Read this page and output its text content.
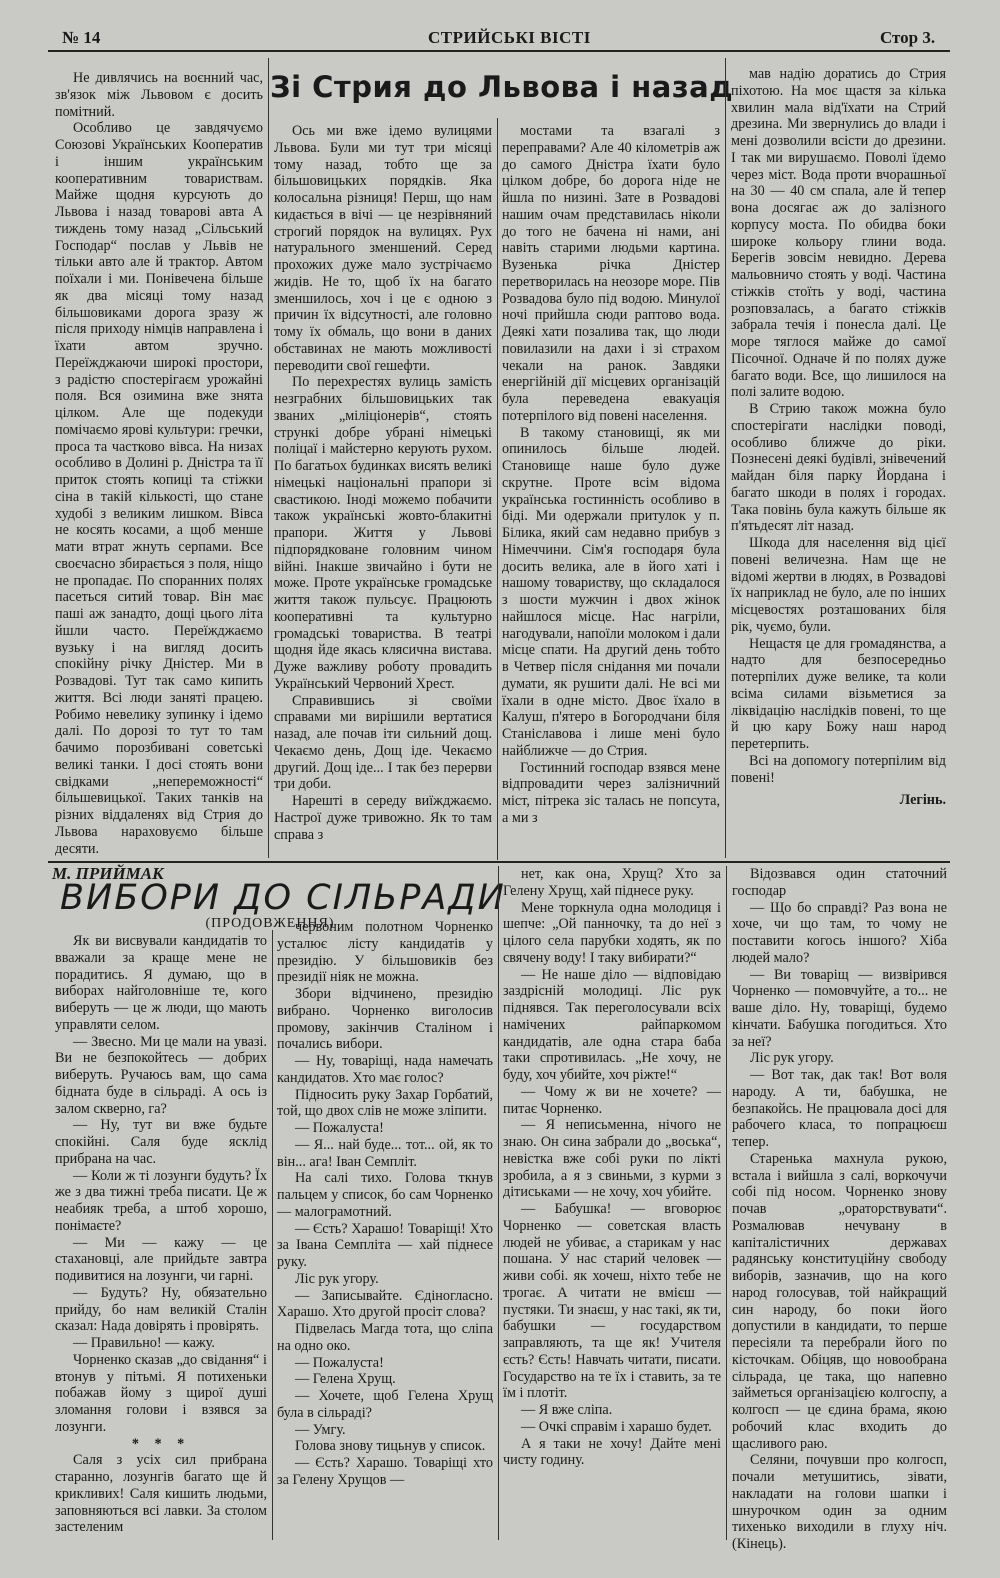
№ 14	СТРИЙСЬКІ ВІСТІ	Стор 3.
Зі Стрия до Львова і назад

Не дивлячись на воєнний час, зв'язок між Львовом є досить помітний.

Особливо це завдячуємо Союзові Українських Кооператив і іншим українським кооперативним товариствам. Майже щодня курсують до Львова і назад товарові авта А тиждень тому назад „Сільський Господар“ послав у Львів не тільки авто але й трактор. Автом поїхали і ми. Понівечена більше як два місяці тому назад більшовиками дорога зразу ж після приходу німців направлена і їхати автом зручно. Переїжджаючи широкі простори, з радістю спостерігаєм урожайні поля. Вся озимина вже знята цілком. Але ще подекуди помічаємо ярові культури: гречки, проса та частково вівса. На низах особливо в Долині р. Дністра та її приток стоять копиці та стіжки сіна в такій кількості, що стане худобі з великим лишком. Вівса не косять косами, а щоб менше мати втрат жнуть серпами. Все своєчасно збирається з поля, ніщо не пропадає. По споранних полях пасеться ситий товар. Він має паші аж занадто, дощі цього літа йшли часто. Переїжджаємо вузьку і на вигляд досить спокійну річку Дністер. Ми в Розвадові. Тут так само кипить життя. Всі люди занятi працею. Робимо невелику зупинку і ідемо далі. По дорозі то тут то там бачимо порозбивані советські великі танки. І досі стоять вони свідками „непереможності“ більшевицької. Таких танків на різних віддаленях від Стрия до Львова нараховуємо більше десяти.

Ось ми вже ідемо вулицями Львова. Були ми тут три місяці тому назад, тобто ще за більшовицьких порядків. Яка колосальна різниця! Перш, що нам кидається в вічі — це незрівняний строгий порядок на вулицях. Рух натурального зменшений. Серед прохожих дуже мало зустрічаємо жидів. Не то, щоб їх на багато зменшилось, хоч і це є одною з причин їх відсутності, але головно тому їх обмаль, що вони в даних обставинах не мають можливості переводити свої гешефти.

По перехрестях вулиць замість незграбних більшовицьких так званих „міліціонерів“, стоять стрункі добре убрані німецькі поліцаї і майстерно керують рухом. По багатьох будинках висять великі німецькі національні прапори зі свастикою. Іноді можемо побачити також українські жовто-блакитні прапори. Життя у Львові підпорядковане головним чином війні. Інакше звичайно і бути не може. Проте українське громадське життя також пульсує. Працюють кооперативні та культурно громадські товариства. В театрі щодня йде якась клясична вистава. Дуже важливу роботу провадить Український Червоний Хрест.

Справившись зі своїми справами ми вирішили вертатися назад, але почав іти сильний дощ. Чекаємо день, Дощ іде. Чекаємо другий. Дощ іде... І так без перерви три доби.

Нарешті в середу виїжджаємо. Настрої дуже тривожно. Як то там справа з

мостами та взагалі з переправами? Але 40 кілометрів аж до самого Дністра їхати було цілком добре, бо дорога ніде не йшла по низині. Зате в Розвадові нашим очам представилась ніколи до того не бачена ні нами, ані навіть старими людьми картина. Вузенька річка Дністер перетворилась на неозоре море. Пів Розвадова було під водою. Минулої ночі прийшла сюди раптово вода. Деякі хати позалива так, що люди повилазили на дахи і зі страхом чекали на ранок. Завдяки енергійній дії місцевих організацій була переведена евакуація потерпілого від повені населення.

В такому становищі, як ми опинилось більше людей. Становище наше було дуже скрутне. Проте всім відома українська гостинність особливо в біді. Ми одержали притулок у п. Білика, який сам недавно прибув з Німеччини. Сім'я господаря була досить велика, але в його хаті і нашому товариству, що складалося з шости мужчин і двох жінок найшлося місце. Нас нагріли, нагодували, напоїли молоком і дали місце спати. На другий день тобто в Четвер після снідання ми почали думати, як рушити далі. Не всі ми їхали в одне місто. Двоє їхало в Калуш, п'ятеро в Богородчани біля Станіславова і лише мені було найближче — до Стрия.

Гостинний господар взявся мене відпровадити через залізничний міст, пітрека зіс талась не попсута, а ми з

мав надію доратись до Стрия піхотою. На моє щастя за кілька хвилин мала від'їхати на Стрий дрезина. Ми звернулись до влади і мені дозволили всісти до дрезини. І так ми вирушаємо. Поволі їдемо через міст. Вода проти вчорашньої на 30 — 40 см спала, але й тепер вона досягає аж до залізного корпусу моста. По обидва боки широке кольору глини вода. Берегів зовсім невидно. Дерева мальовничо стоять у воді. Частина стіжків стоїть у воді, частина розповзалась, а багато стіжків забрала течія і понесла далі. Це море тяглося майже до самої Пісочної. Одначе й по полях дуже багато води. Все, що лишилося на полі залите водою.

В Стрию також можна було спостерігати наслідки поводі, особливо ближче до ріки. Познесені деякі будівлі, знівечений майдан біля парку Йордана і багато шкоди в полях і городах. Така повінь була кажуть більше як п'ятьдесят літ назад.

Шкода для населення від цієї повені величезна. Нам ще не відомі жертви в людях, в Розвадові їх наприклад не було, але по інших місцевостях розташованих біля рік, чуємо, були.

Нещастя це для громадянства, а надто для безпосередньо потерпілих дуже велике, та коли всіма силами візьметися за ліквідацію наслідків повені, то ще й цю кару Божу наш народ перетерпить.

Всі на допомогу потерпілим від повені!

Легінь.
М. ПРИЙМАК
ВИБОРИ ДО СІЛЬРАДИ
(ПРОДОВЖЕННЯ)

Як ви висвували кандидатів то вважали за краще мене не порадитись. Я думаю, що в виборах найголовніше те, кого виберуть — це ж люди, що мають управляти селом.

— Звесно. Ми це мали на увазі. Ви не безпокойтесь — добрих виберуть. Ручаюсь вам, що сама бідната буде в сільраді. А ось із залом скверно, га?

— Ну, тут ви вже будьте спокійні. Саля буде ясклід прибрана на час.

— Коли ж ті лозунги будуть? Їх же з два тижні треба писати. Це ж неабияк треба, а штоб хорошо, понімаєте?

— Ми — кажу — це стахановці, але прийдьте завтра подивитися на лозунги, чи гарні.

— Будуть? Ну, обязательно прийду, бо нам великій Сталін сказал: Нада довірять і провірять.

— Правильно! — кажу.

Чорненко сказав „до свідання“ і втонув у пітьмі. Я потихеньки побажав йому з щирої душі зломання голови і взявся за лозунги.

* * *

Саля з усіх сил прибрана старанно, лозунгів багато ще й крикливих! Саля кишить людьми, заповняються всі лавки. За столом застеленим

червоним полотном Чорненко усталює лісту кандидатів у президію. У більшовиків без президії ніяк не можна.

Збори відчинено, президію вибрано. Чорненко виголосив промову, закінчив Сталіном і почались вибори.

— Ну, товаріщі, нада намечать кандидатов. Хто має голос?

Підносить руку Захар Горбатий, той, що двох слів не може зліпити.

— Пожалуста!

— Я... най буде... тот... ой, як то він... ага! Іван Семпліт.

На салі тихо. Голова ткнув пальцем у список, бо сам Чорненко — малограмотний.

— Єсть? Харашо! Товаріщі! Хто за Івана Семпліта — хай піднесе руку.

Ліс рук угору.

— Записывайте. Єдіногласно. Харашо. Хто другой просіт слова?

Підвелась Магда тота, що сліпа на одно око.

— Пожалуста!

— Гелена Хрущ.

— Хочете, щоб Гелена Хрущ була в сільраді?

— Умгу.

Голова знову тицьнув у список.

— Єсть? Харашо. Товаріщі хто за Гелену Хрущов —

нет, как она, Хрущ? Хто за Гелену Хрущ, хай піднесе руку.

Мене торкнула одна молодиця і шепче: „Ой панночку, та до неї з цілого села парубки ходять, як по свячену воду! І таку вибирати?“

— Не наше діло — відповідаю заздрісній молодиці. Ліс рук піднявся. Так переголосували всіх намічених райпаркомом кандидатів, але одна стара баба таки спротивилась. „Не хочу, не буду, хоч убийте, хоч ріжте!“

— Чому ж ви не хочете? — питає Чорненко.

— Я неписьменна, нічого не знаю. Он сина забрали до „воська“, невістка вже собі руки по лікті зробила, а я з свиньми, з курми з дітиськами — не хочу, хоч убийте.

— Бабушка! — вговорює Чорненко — советская власть людей не убиває, а старикам у нас пошана. У нас старий человек — живи собі. як хочеш, ніхто тебе не трогає. А читати не вмієш — пустяки. Ти знаєш, у нас такі, як ти, бабушки — государством заправляють, та ще як! Учителя єсть? Єсть! Навчать читати, писати. Государство на те їх і ставить, за те їм і плотіт.

— Я вже сліпа.

— Очкі справім і харашо будет.

А я таки не хочу! Дайте мені чисту годину.

Відозвався один статочний господар

— Що бо справді? Раз вона не хоче, чи що там, то чому не поставити когось іншого? Хіба людей мало?

— Ви товаріщ — визвірився Чорненко — помовчуйте, а то... не ваше діло. Ну, товаріщі, будемо кінчати. Бабушка погодиться. Хто за неї?

Ліс рук угору.

— Вот так, дак так! Вот воля народу. А ти, бабушка, не безпакойсь. Не працювала досі для рабочего класа, то попрацюєш тепер.

Старенька махнула рукою, встала і вийшла з салі, воркочучи собі під носом. Чорненко знову почав „ораторствувати“. Розмалював нечувану в капіталістичних державах радянську конституційну свободу виборів, зазначив, що на кого народ голосував, той найкращий син народу, бо поки його допустили в кандидати, то перше пересіяли та перебрали його по кісточкам. Обіцяв, що новообрана сільрада, це така, що напевно займеться організацією колгоспу, а колгосп — це єдина брама, якою робочий клас входить до щасливого раю.

Селяни, почувши про колгосп, почали метушитись, зівати, накладати на голови шапки і шнурочком один за одним тихенько виходили в глуху ніч. (Кінець).
